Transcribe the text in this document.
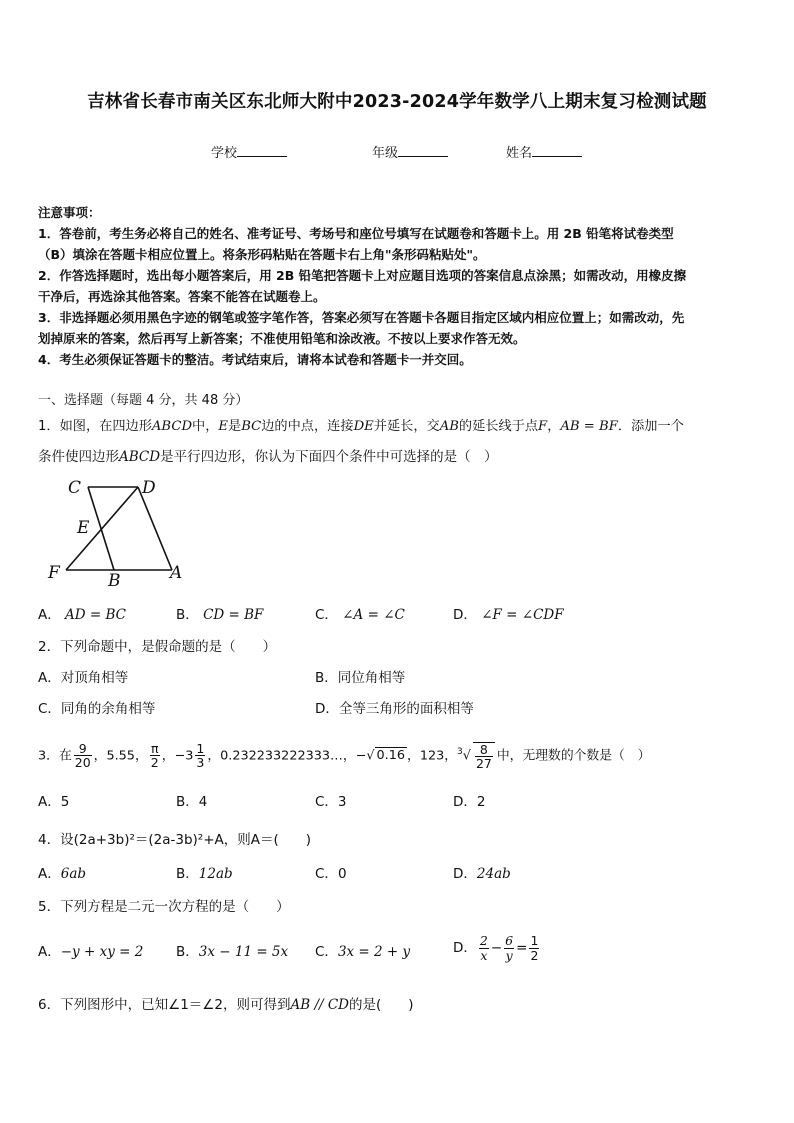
吉林省长春市南关区东北师大附中2023-2024学年数学八上期末复习检测试题
学校	年级	姓名
注意事项：
1．答卷前，考生务必将自己的姓名、准考证号、考场号和座位号填写在试题卷和答题卡上。用 2B 铅笔将试卷类型
（B）填涂在答题卡相应位置上。将条形码粘贴在答题卡右上角"条形码粘贴处"。
2．作答选择题时，选出每小题答案后，用 2B 铅笔把答题卡上对应题目选项的答案信息点涂黑；如需改动，用橡皮擦
干净后，再选涂其他答案。答案不能答在试题卷上。
3．非选择题必须用黑色字迹的钢笔或签字笔作答，答案必须写在答题卡各题目指定区域内相应位置上；如需改动，先
划掉原来的答案，然后再写上新答案；不准使用铅笔和涂改液。不按以上要求作答无效。
4．考生必须保证答题卡的整洁。考试结束后，请将本试卷和答题卡一并交回。
一、选择题（每题 4 分，共 48 分）
1．如图，在四边形ABCD中，E是BC边的中点，连接DE并延长，交AB的延长线于点F，AB = BF．添加一个
条件使四边形ABCD是平行四边形，你认为下面四个条件中可选择的是（　）
C	D
E
F	B	A
A． AD = BC	B． CD = BF	C． ∠A = ∠C	D． ∠F = ∠CDF
2．下列命题中，是假命题的是（　　）
A．对顶角相等	B．同位角相等
C．同角的余角相等	D．全等三角形的面积相等
3．在 $\frac{9}{20}$ ，5.55， $\frac{\pi}{2}$ ，$-3 \frac{1}{3}$ ，0.232233222333…，−√ 0.16 ，123，$^3√ \frac{8}{27}$ 中，无理数的个数是（　）
A．5	B．4	C．3	D．2
4．设(2a+3b)²＝(2a-3b)²+A，则A＝(　　)
A．6ab	B．12ab	C．0	D．24ab
5．下列方程是二元一次方程的是（　　）
A．−y + xy = 2 B．3x − 11 = 5x C．3x = 2 + y	D． $\frac{2}{x} - \frac{6}{y} = \frac{1}{2}$
6．下列图形中，已知∠1＝∠2，则可得到AB // CD的是(　　)
